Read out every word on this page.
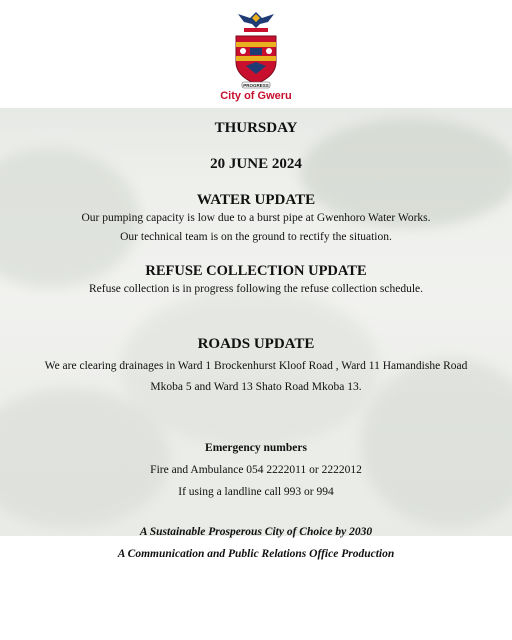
PROGRESS
City of Gweru
THURSDAY
20 JUNE 2024
WATER UPDATE
Our pumping capacity is low due to a burst pipe at Gwenhoro Water Works.
Our technical team is on the ground to rectify the situation.
REFUSE COLLECTION UPDATE
Refuse collection is in progress following the refuse collection schedule.
ROADS UPDATE
We are clearing drainages in Ward 1 Brockenhurst Kloof Road , Ward 11 Hamandishe Road
Mkoba 5 and Ward 13 Shato Road Mkoba 13.
Emergency numbers
Fire and Ambulance 054 2222011 or 2222012
If using a landline call 993 or 994
A Sustainable Prosperous City of Choice by 2030
A Communication and Public Relations Office Production
